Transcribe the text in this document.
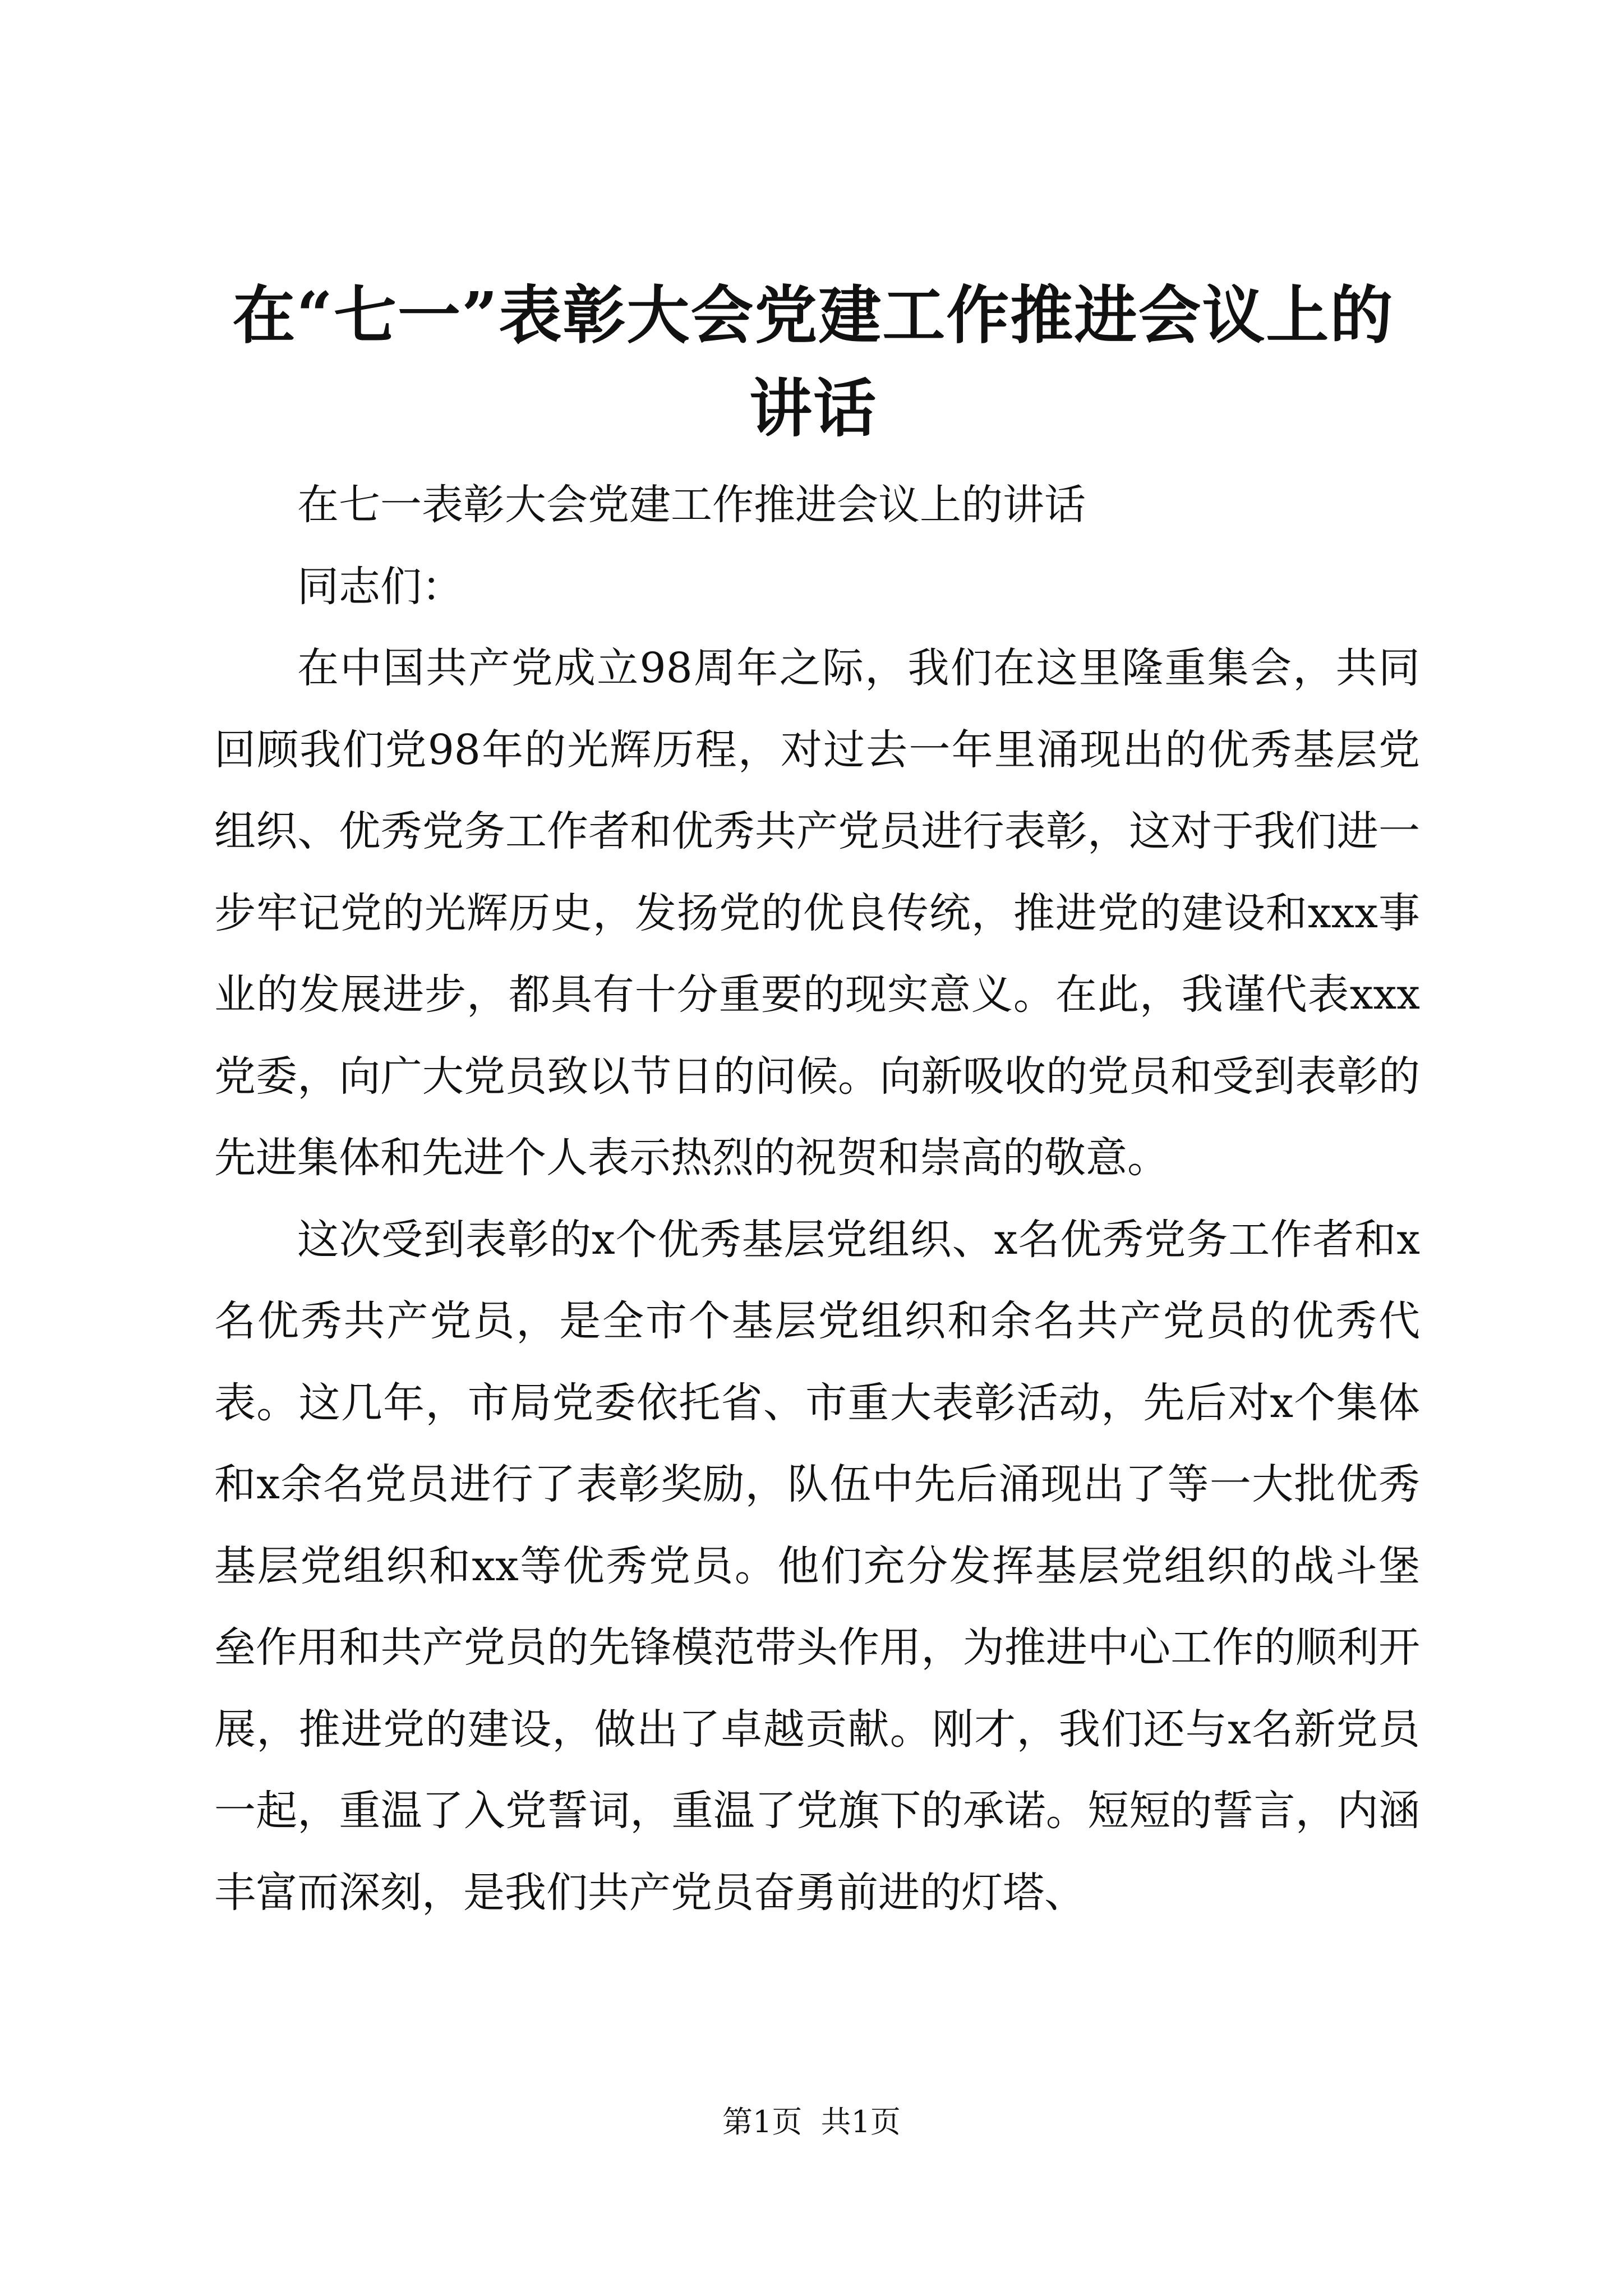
在“七一”表彰大会党建工作推进会议上的讲话

在七一表彰大会党建工作推进会议上的讲话

同志们：

在中国共产党成立98周年之际，我们在这里隆重集会，共同回顾我们党98年的光辉历程，对过去一年里涌现出的优秀基层党组织、优秀党务工作者和优秀共产党员进行表彰，这对于我们进一步牢记党的光辉历史，发扬党的优良传统，推进党的建设和xxx事业的发展进步，都具有十分重要的现实意义。在此，我谨代表xxx党委，向广大党员致以节日的问候。向新吸收的党员和受到表彰的先进集体和先进个人表示热烈的祝贺和崇高的敬意。

这次受到表彰的x个优秀基层党组织、x名优秀党务工作者和x名优秀共产党员，是全市个基层党组织和余名共产党员的优秀代表。这几年，市局党委依托省、市重大表彰活动，先后对x个集体和x余名党员进行了表彰奖励，队伍中先后涌现出了等一大批优秀基层党组织和xx等优秀党员。他们充分发挥基层党组织的战斗堡垒作用和共产党员的先锋模范带头作用，为推进中心工作的顺利开展，推进党的建设，做出了卓越贡献。刚才，我们还与x名新党员一起，重温了入党誓词，重温了党旗下的承诺。短短的誓言，内涵丰富而深刻，是我们共产党员奋勇前进的灯塔、

第1页 共1页
